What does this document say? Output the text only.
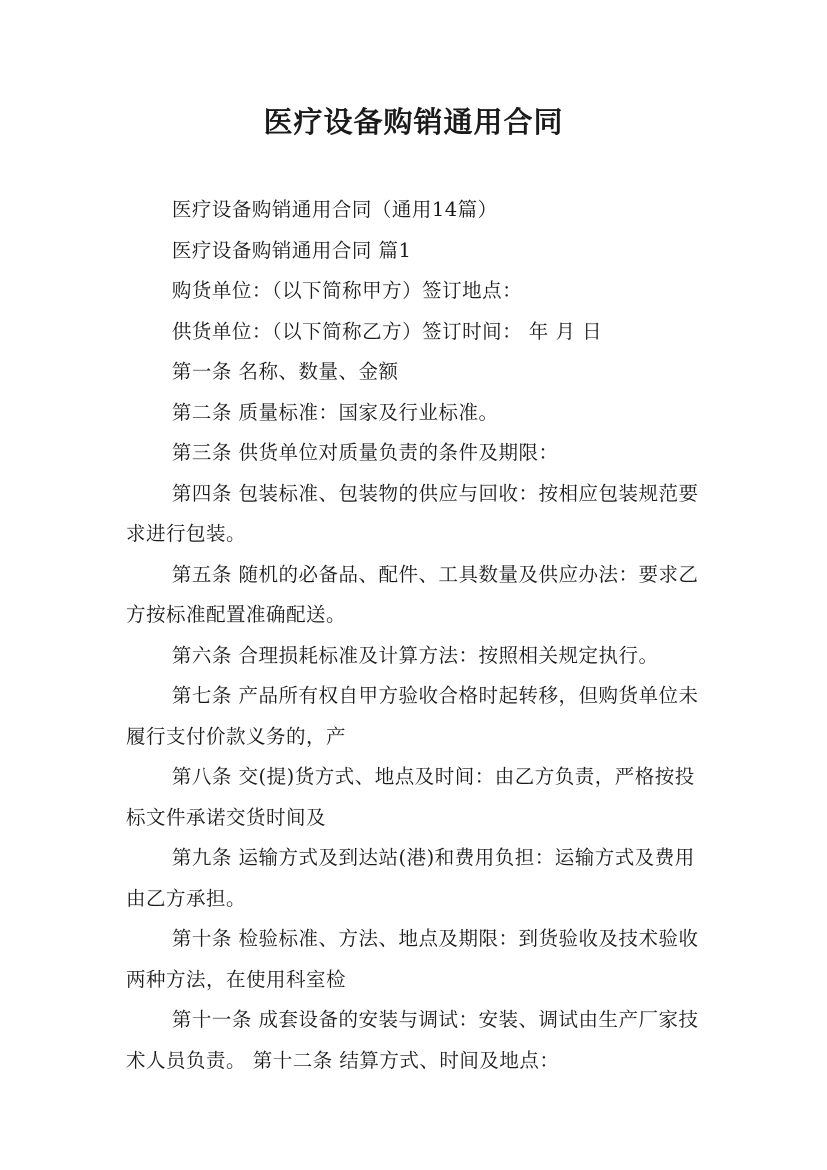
医疗设备购销通用合同

医疗设备购销通用合同（通用14篇）

医疗设备购销通用合同 篇1

购货单位：（以下简称甲方）签订地点：

供货单位：（以下简称乙方）签订时间： 年 月 日

第一条 名称、数量、金额

第二条 质量标准：国家及行业标准。

第三条 供货单位对质量负责的条件及期限：

第四条 包装标准、包装物的供应与回收：按相应包装规范要求进行包装。

第五条 随机的必备品、配件、工具数量及供应办法：要求乙方按标准配置准确配送。

第六条 合理损耗标准及计算方法：按照相关规定执行。

第七条 产品所有权自甲方验收合格时起转移，但购货单位未履行支付价款义务的，产

第八条 交(提)货方式、地点及时间：由乙方负责，严格按投标文件承诺交货时间及

第九条 运输方式及到达站(港)和费用负担：运输方式及费用由乙方承担。

第十条 检验标准、方法、地点及期限：到货验收及技术验收两种方法，在使用科室检

第十一条 成套设备的安装与调试：安装、调试由生产厂家技术人员负责。 第十二条 结算方式、时间及地点：
